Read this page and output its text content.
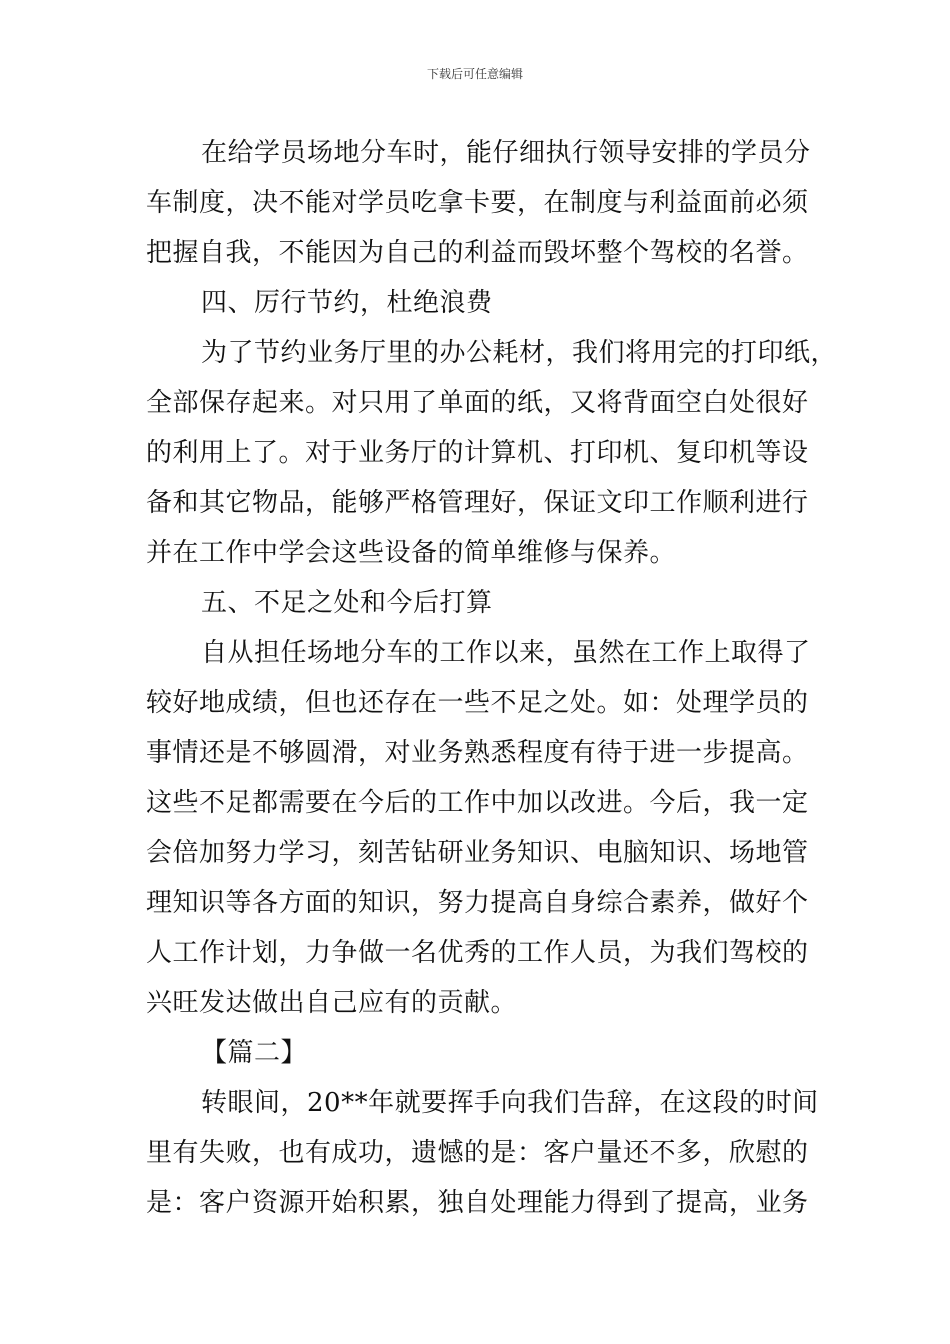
下载后可任意编辑
在给学员场地分车时，能仔细执行领导安排的学员分
车制度，决不能对学员吃拿卡要，在制度与利益面前必须
把握自我，不能因为自己的利益而毁坏整个驾校的名誉。
四、厉行节约，杜绝浪费
为了节约业务厅里的办公耗材，我们将用完的打印纸，
全部保存起来。对只用了单面的纸，又将背面空白处很好
的利用上了。对于业务厅的计算机、打印机、复印机等设
备和其它物品，能够严格管理好，保证文印工作顺利进行
并在工作中学会这些设备的简单维修与保养。
五、不足之处和今后打算
自从担任场地分车的工作以来，虽然在工作上取得了
较好地成绩，但也还存在一些不足之处。如：处理学员的
事情还是不够圆滑，对业务熟悉程度有待于进一步提高。
这些不足都需要在今后的工作中加以改进。今后，我一定
会倍加努力学习，刻苦钻研业务知识、电脑知识、场地管
理知识等各方面的知识，努力提高自身综合素养，做好个
人工作计划，力争做一名优秀的工作人员，为我们驾校的
兴旺发达做出自己应有的贡献。
【篇二】
转眼间，20**年就要挥手向我们告辞，在这段的时间
里有失败，也有成功，遗憾的是：客户量还不多，欣慰的
是：客户资源开始积累，独自处理能力得到了提高，业务
